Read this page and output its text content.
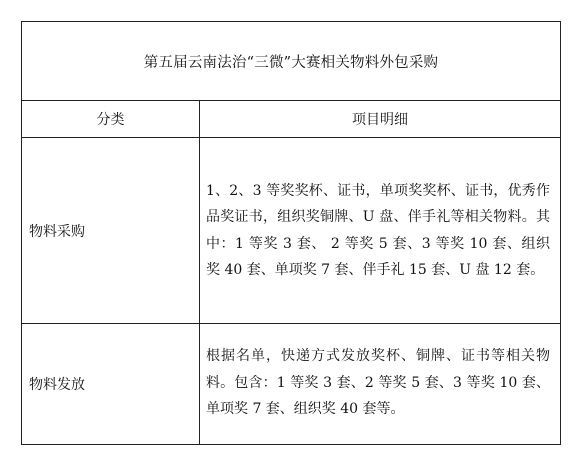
第五届云南法治“三微”大赛相关物料外包采购	
分类	项目明细
物料采购	1、2、3 等奖奖杯、证书，单项奖奖杯、证书，优秀作品奖证书，组织奖铜牌、U 盘、伴手礼等相关物料。其中：1 等奖 3 套、 2 等奖 5 套、3 等奖 10 套、组织奖 40 套、单项奖 7 套、伴手礼 15 套、U 盘 12 套。
物料发放	根据名单，快递方式发放奖杯、铜牌、证书等相关物料。包含：1 等奖 3 套、2 等奖 5 套、3 等奖 10 套、单项奖 7 套、组织奖 40 套等。
